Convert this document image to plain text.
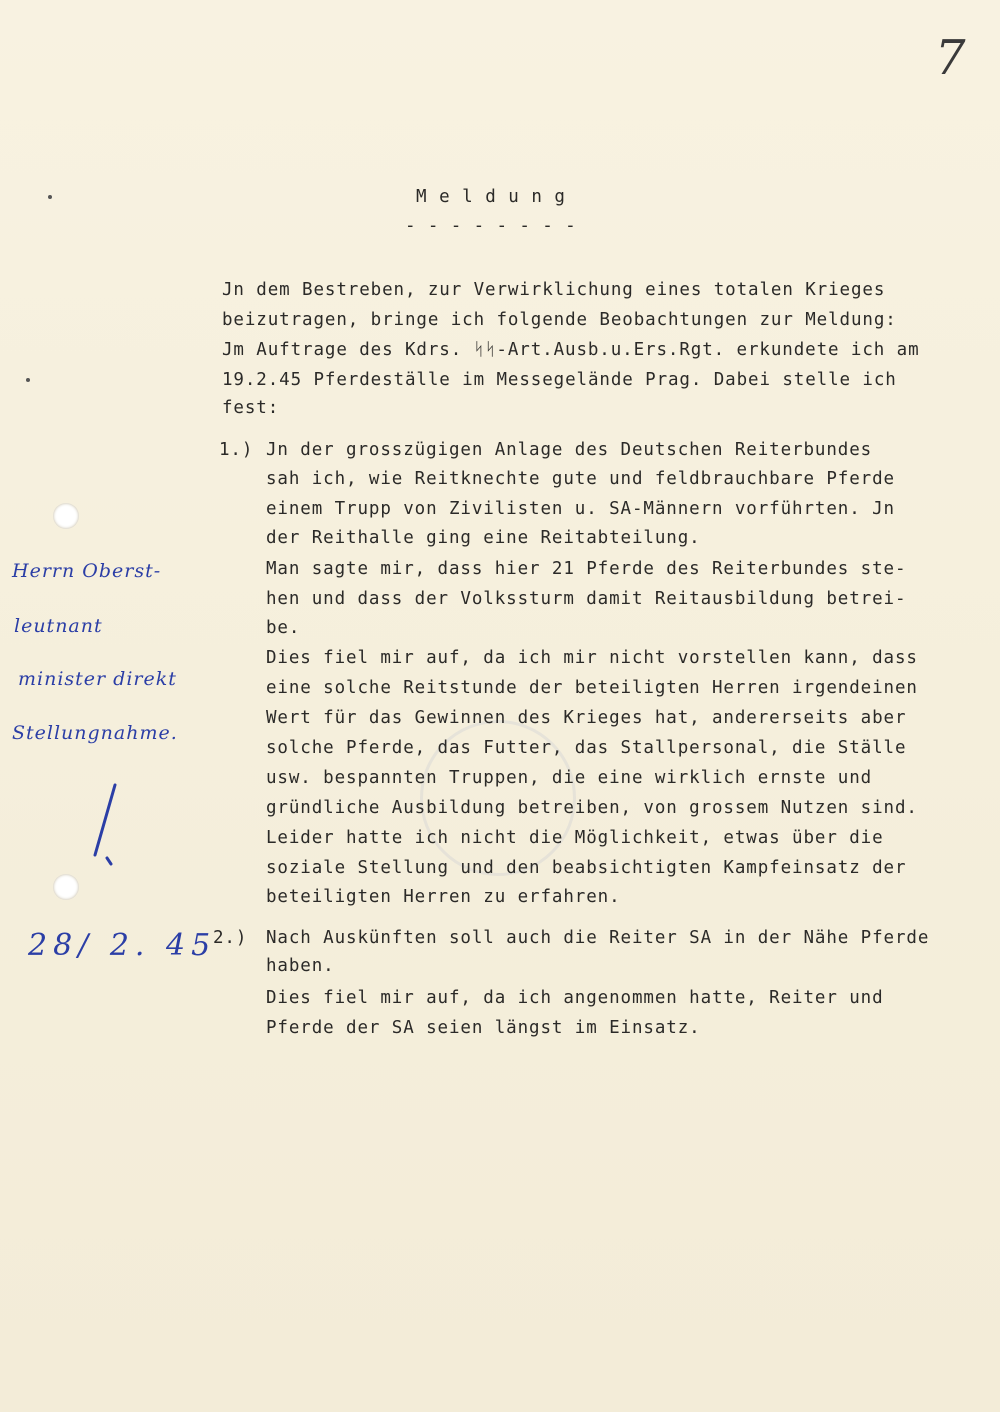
7
M e l d u n g
- - - - - - - -
Jn dem Bestreben, zur Verwirklichung eines totalen Krieges
beizutragen, bringe ich folgende Beobachtungen zur Meldung:
Jm Auftrage des Kdrs. ᛋᛋ-Art.Ausb.u.Ers.Rgt. erkundete ich am
19.2.45 Pferdeställe im Messegelände Prag. Dabei stelle ich
fest:
1.) Jn der grosszügigen Anlage des Deutschen Reiterbundes
sah ich, wie Reitknechte gute und feldbrauchbare Pferde
einem Trupp von Zivilisten u. SA-Männern vorführten. Jn
der Reithalle ging eine Reitabteilung.
Man sagte mir, dass hier 21 Pferde des Reiterbundes ste-
hen und dass der Volkssturm damit Reitausbildung betrei-
be.
Dies fiel mir auf, da ich mir nicht vorstellen kann, dass
eine solche Reitstunde der beteiligten Herren irgendeinen
Wert für das Gewinnen des Krieges hat, andererseits aber
solche Pferde, das Futter, das Stallpersonal, die Ställe
usw. bespannten Truppen, die eine wirklich ernste und
gründliche Ausbildung betreiben, von grossem Nutzen sind.
Leider hatte ich nicht die Möglichkeit, etwas über die
soziale Stellung und den beabsichtigten Kampfeinsatz der
beteiligten Herren zu erfahren.
2.) Nach Auskünften soll auch die Reiter SA in der Nähe Pferde
haben.
Dies fiel mir auf, da ich angenommen hatte, Reiter und
Pferde der SA seien längst im Einsatz.
Herrn Oberst-
leutnant
minister direkt
Stellungnahme.
28/ 2. 45
